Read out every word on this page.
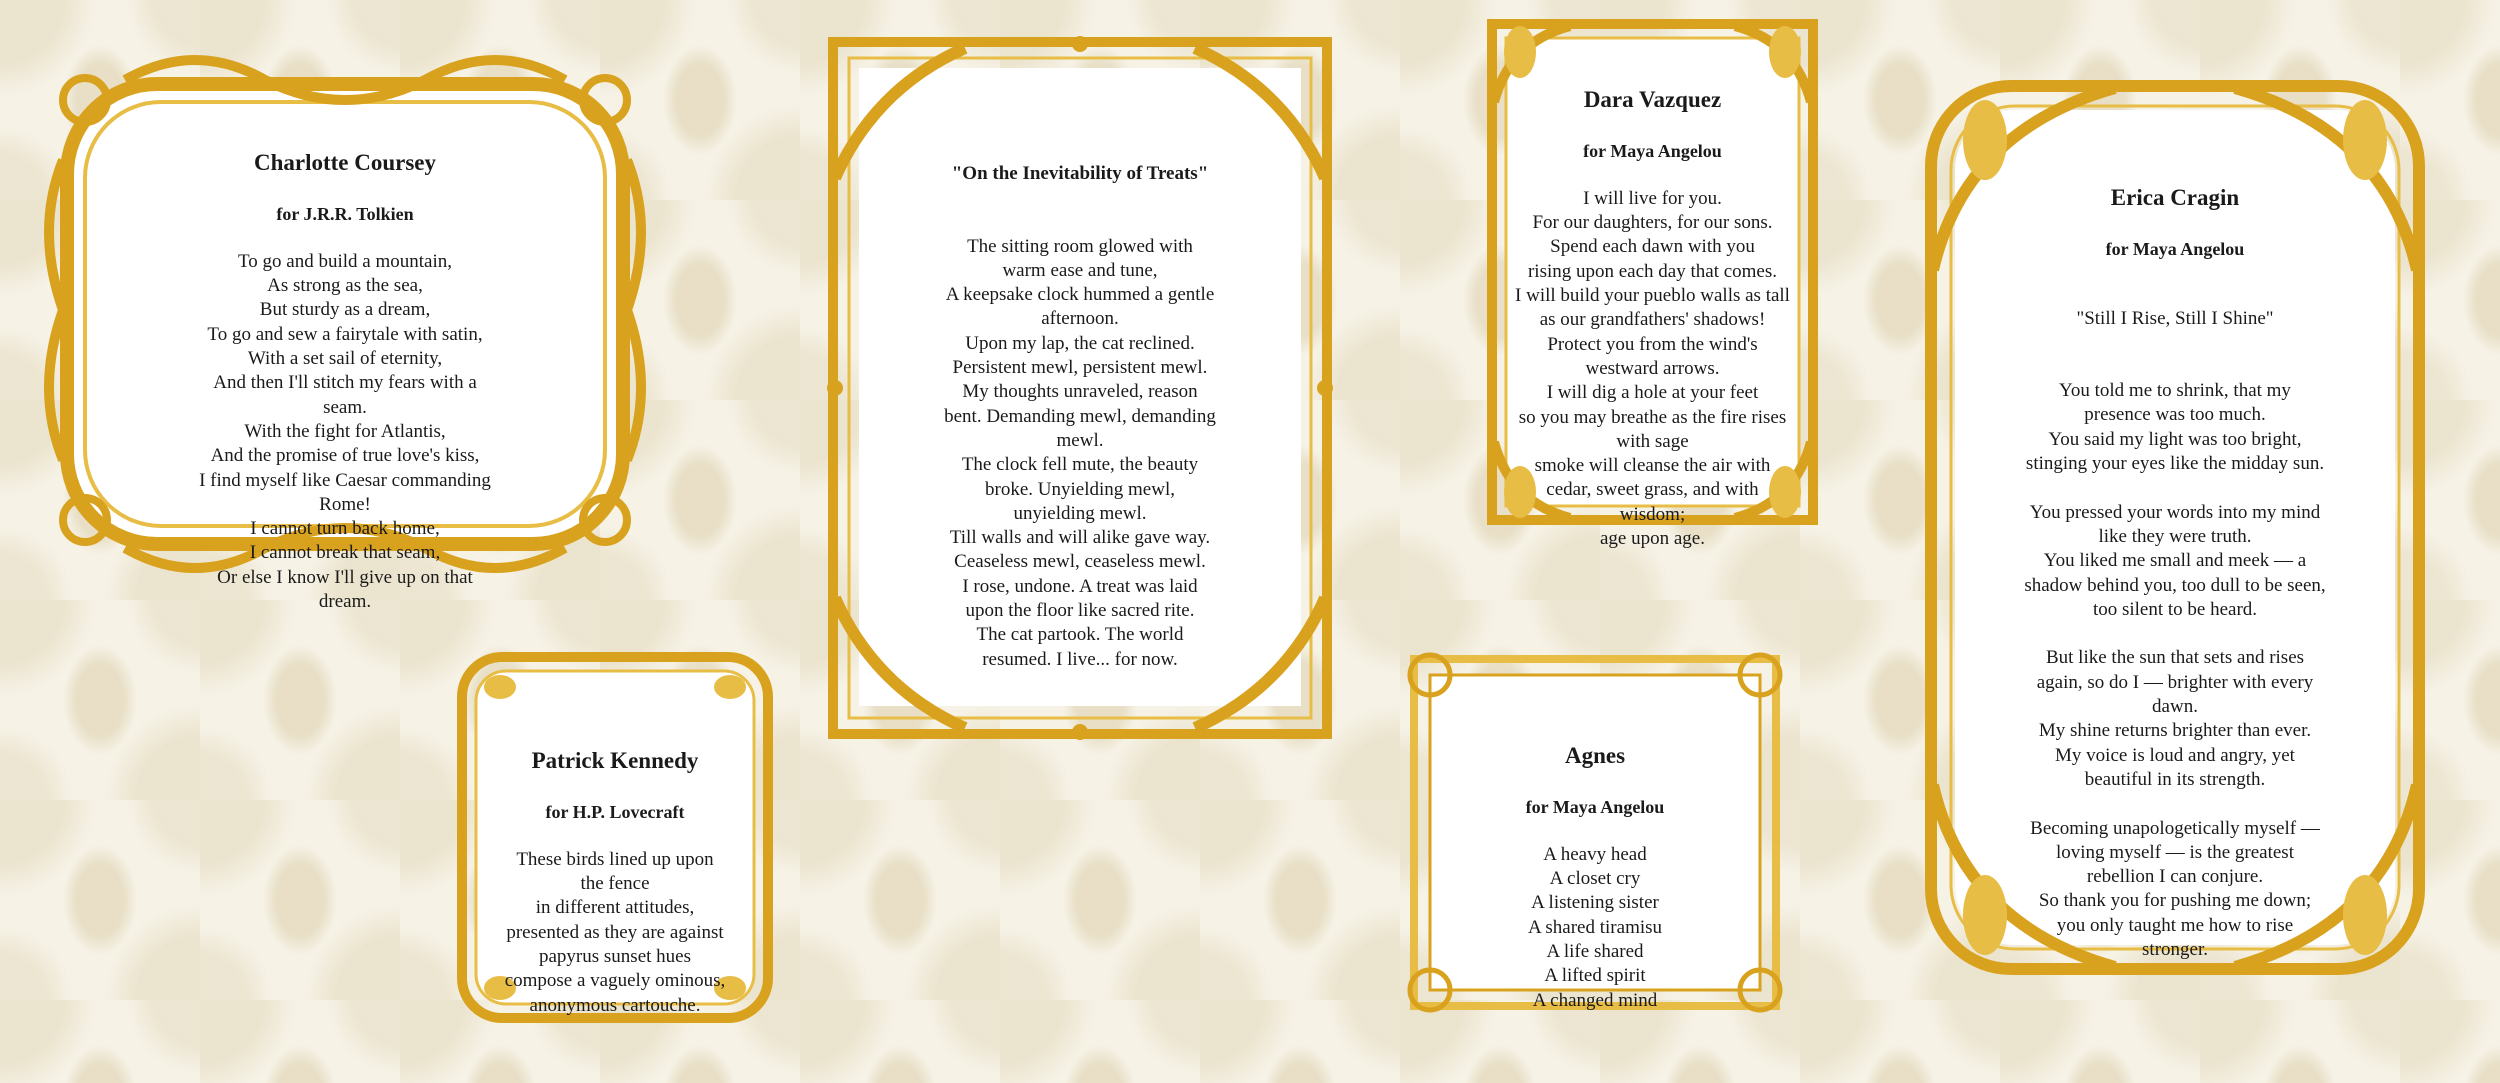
Charlotte Coursey

for J.R.R. Tolkien

To go and build a mountain,
As strong as the sea,
But sturdy as a dream,
To go and sew a fairytale with satin,
With a set sail of eternity,
And then I'll stitch my fears with a
seam.
With the fight for Atlantis,
And the promise of true love's kiss,
I find myself like Caesar commanding
Rome!
I cannot turn back home,
I cannot break that seam,
Or else I know I'll give up on that
dream.

"On the Inevitability of Treats"

The sitting room glowed with
warm ease and tune,
A keepsake clock hummed a gentle
afternoon.
Upon my lap, the cat reclined.
Persistent mewl, persistent mewl.
My thoughts unraveled, reason
bent. Demanding mewl, demanding
mewl.
The clock fell mute, the beauty
broke. Unyielding mewl,
unyielding mewl.
Till walls and will alike gave way.
Ceaseless mewl, ceaseless mewl.
I rose, undone. A treat was laid
upon the floor like sacred rite.
The cat partook. The world
resumed. I live... for now.

Dara Vazquez

for Maya Angelou

I will live for you.
For our daughters, for our sons.
Spend each dawn with you
rising upon each day that comes.
I will build your pueblo walls as tall
as our grandfathers' shadows!
Protect you from the wind's
westward arrows.
I will dig a hole at your feet
so you may breathe as the fire rises
with sage
smoke will cleanse the air with
cedar, sweet grass, and with
wisdom;
age upon age.

Erica Cragin

for Maya Angelou

"Still I Rise, Still I Shine"

You told me to shrink, that my
presence was too much.
You said my light was too bright,
stinging your eyes like the midday sun.

You pressed your words into my mind
like they were truth.
You liked me small and meek — a
shadow behind you, too dull to be seen,
too silent to be heard.

But like the sun that sets and rises
again, so do I — brighter with every
dawn.
My shine returns brighter than ever.
My voice is loud and angry, yet
beautiful in its strength.

Becoming unapologetically myself —
loving myself — is the greatest
rebellion I can conjure.
So thank you for pushing me down;
you only taught me how to rise
stronger.

Patrick Kennedy

for H.P. Lovecraft

These birds lined up upon
the fence
in different attitudes,
presented as they are against
papyrus sunset hues
compose a vaguely ominous,
anonymous cartouche.

Agnes

for Maya Angelou

A heavy head
A closet cry
A listening sister
A shared tiramisu
A life shared
A lifted spirit
A changed mind
